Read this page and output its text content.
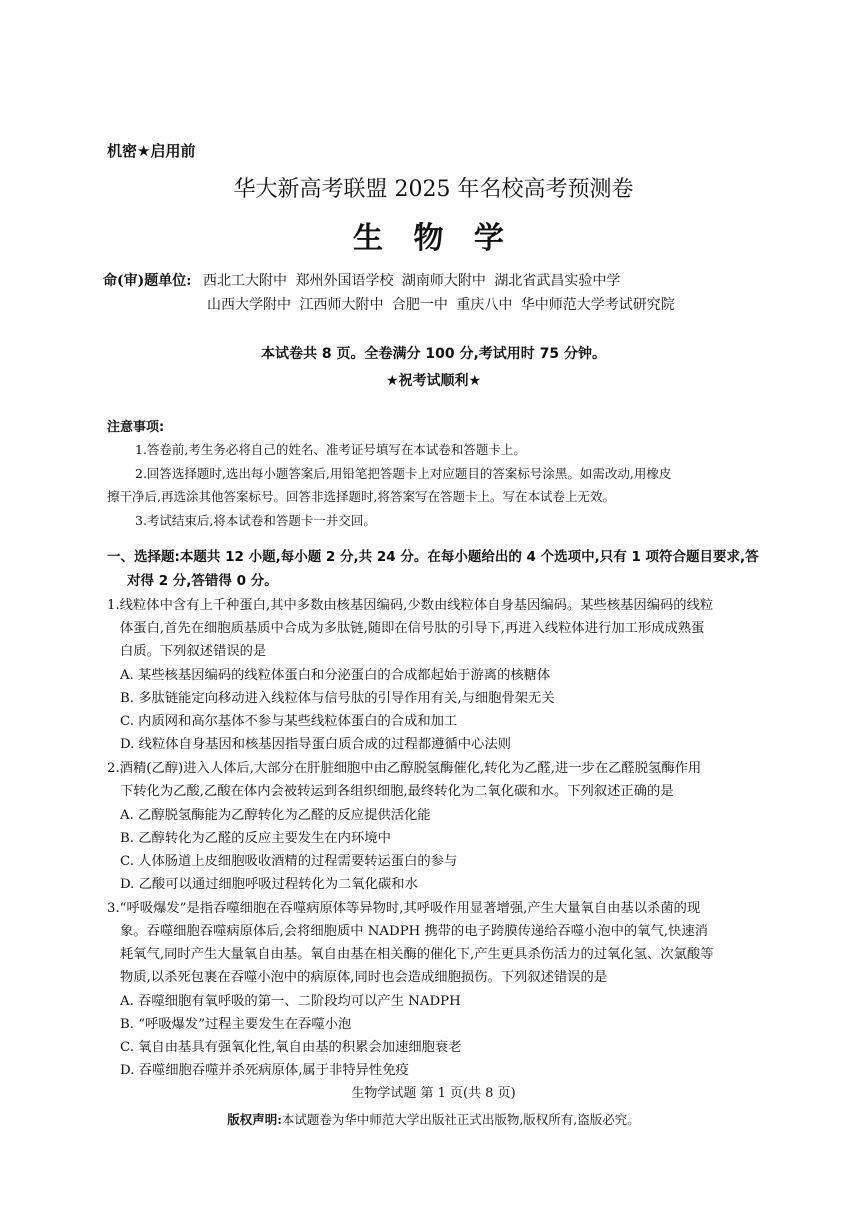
机密★启用前
华大新高考联盟 2025 年名校高考预测卷
生 物 学
命(审)题单位: 西北工大附中 郑州外国语学校 湖南师大附中 湖北省武昌实验中学
山西大学附中 江西师大附中 合肥一中 重庆八中 华中师范大学考试研究院
本试卷共 8 页。全卷满分 100 分,考试用时 75 分钟。
★祝考试顺利★
注意事项:
1.答卷前,考生务必将自己的姓名、准考证号填写在本试卷和答题卡上。
2.回答选择题时,选出每小题答案后,用铅笔把答题卡上对应题目的答案标号涂黑。如需改动,用橡皮
擦干净后,再选涂其他答案标号。回答非选择题时,将答案写在答题卡上。写在本试卷上无效。
3.考试结束后,将本试卷和答题卡一并交回。
一、选择题:本题共 12 小题,每小题 2 分,共 24 分。在每小题给出的 4 个选项中,只有 1 项符合题目要求,答
对得 2 分,答错得 0 分。
1.线粒体中含有上千种蛋白,其中多数由核基因编码,少数由线粒体自身基因编码。某些核基因编码的线粒
体蛋白,首先在细胞质基质中合成为多肽链,随即在信号肽的引导下,再进入线粒体进行加工形成成熟蛋
白质。下列叙述错误的是
A. 某些核基因编码的线粒体蛋白和分泌蛋白的合成都起始于游离的核糖体
B. 多肽链能定向移动进入线粒体与信号肽的引导作用有关,与细胞骨架无关
C. 内质网和高尔基体不参与某些线粒体蛋白的合成和加工
D. 线粒体自身基因和核基因指导蛋白质合成的过程都遵循中心法则
2.酒精(乙醇)进入人体后,大部分在肝脏细胞中由乙醇脱氢酶催化,转化为乙醛,进一步在乙醛脱氢酶作用
下转化为乙酸,乙酸在体内会被转运到各组织细胞,最终转化为二氧化碳和水。下列叙述正确的是
A. 乙醇脱氢酶能为乙醇转化为乙醛的反应提供活化能
B. 乙醇转化为乙醛的反应主要发生在内环境中
C. 人体肠道上皮细胞吸收酒精的过程需要转运蛋白的参与
D. 乙酸可以通过细胞呼吸过程转化为二氧化碳和水
3.“呼吸爆发”是指吞噬细胞在吞噬病原体等异物时,其呼吸作用显著增强,产生大量氧自由基以杀菌的现
象。吞噬细胞吞噬病原体后,会将细胞质中 NADPH 携带的电子跨膜传递给吞噬小泡中的氧气,快速消
耗氧气,同时产生大量氧自由基。氧自由基在相关酶的催化下,产生更具杀伤活力的过氧化氢、次氯酸等
物质,以杀死包裹在吞噬小泡中的病原体,同时也会造成细胞损伤。下列叙述错误的是
A. 吞噬细胞有氧呼吸的第一、二阶段均可以产生 NADPH
B. “呼吸爆发”过程主要发生在吞噬小泡
C. 氧自由基具有强氧化性,氧自由基的积累会加速细胞衰老
D. 吞噬细胞吞噬并杀死病原体,属于非特异性免疫
生物学试题 第 1 页(共 8 页)
版权声明:本试题卷为华中师范大学出版社正式出版物,版权所有,盗版必究。
